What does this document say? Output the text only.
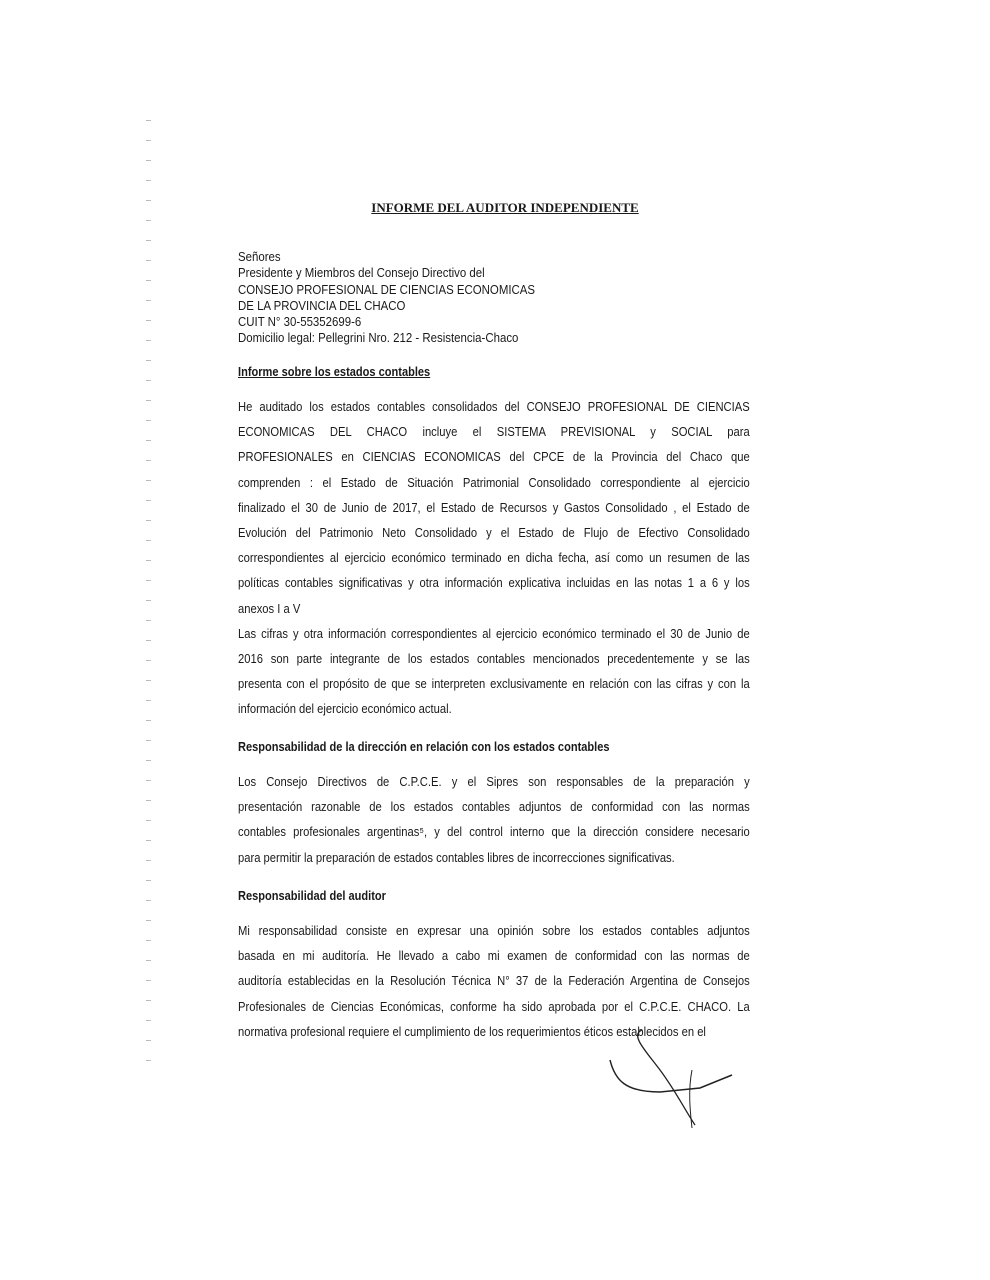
INFORME DEL AUDITOR INDEPENDIENTE
Señores
Presidente y Miembros del Consejo Directivo del
CONSEJO PROFESIONAL DE CIENCIAS ECONOMICAS
DE LA PROVINCIA DEL CHACO
CUIT N° 30-55352699-6
Domicilio legal: Pellegrini Nro. 212 - Resistencia-Chaco
Informe sobre los estados contables
He auditado los estados contables consolidados del CONSEJO PROFESIONAL DE CIENCIAS
ECONOMICAS DEL CHACO incluye el SISTEMA PREVISIONAL y SOCIAL para
PROFESIONALES en CIENCIAS ECONOMICAS del CPCE de la Provincia del Chaco que
comprenden : el Estado de Situación Patrimonial Consolidado correspondiente al ejercicio
finalizado el 30 de Junio de 2017, el Estado de Recursos y Gastos Consolidado , el Estado de
Evolución del Patrimonio Neto Consolidado y el Estado de Flujo de Efectivo Consolidado
correspondientes al ejercicio económico terminado en dicha fecha, así como un resumen de las
políticas contables significativas y otra información explicativa incluidas en las notas 1 a 6 y los
anexos I a V
Las cifras y otra información correspondientes al ejercicio económico terminado el 30 de Junio de
2016 son parte integrante de los estados contables mencionados precedentemente y se las
presenta con el propósito de que se interpreten exclusivamente en relación con las cifras y con la
información del ejercicio económico actual.
Responsabilidad de la dirección en relación con los estados contables
Los Consejo Directivos de C.P.C.E. y el Sipres son responsables de la preparación y
presentación razonable de los estados contables adjuntos de conformidad con las normas
contables profesionales argentinas⁵, y del control interno que la dirección considere necesario
para permitir la preparación de estados contables libres de incorrecciones significativas.
Responsabilidad del auditor
Mi responsabilidad consiste en expresar una opinión sobre los estados contables adjuntos
basada en mi auditoría. He llevado a cabo mi examen de conformidad con las normas de
auditoría establecidas en la Resolución Técnica N° 37 de la Federación Argentina de Consejos
Profesionales de Ciencias Económicas, conforme ha sido aprobada por el C.P.C.E. CHACO. La
normativa profesional requiere el cumplimiento de los requerimientos éticos establecidos en el
